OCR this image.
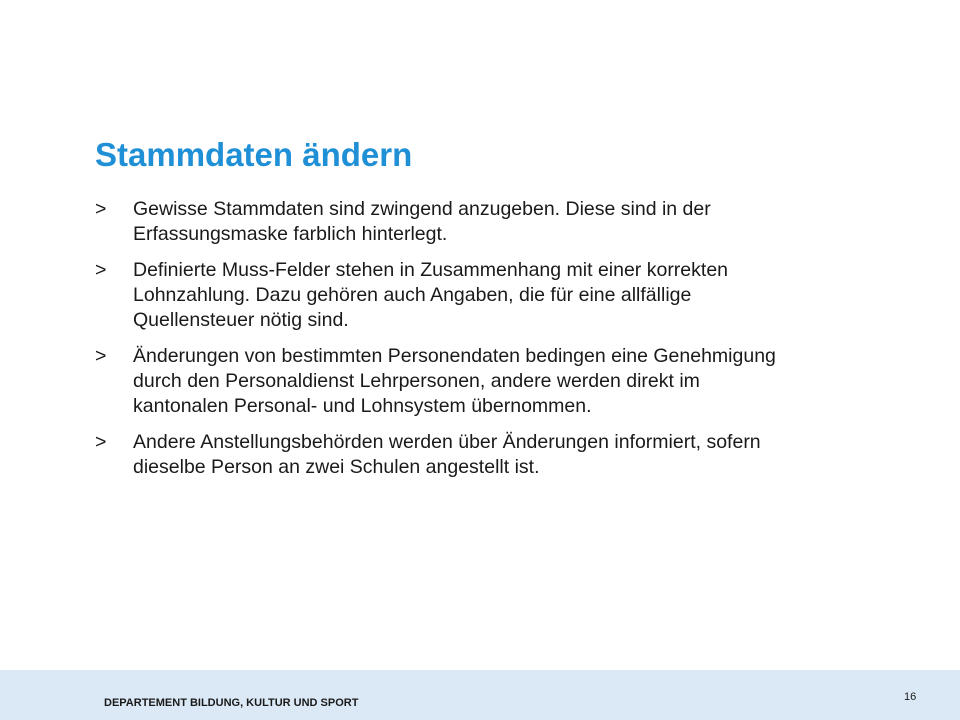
Stammdaten ändern
> Gewisse Stammdaten sind zwingend anzugeben. Diese sind in der
Erfassungsmaske farblich hinterlegt.
> Definierte Muss-Felder stehen in Zusammenhang mit einer korrekten
Lohnzahlung. Dazu gehören auch Angaben, die für eine allfällige
Quellensteuer nötig sind.
> Änderungen von bestimmten Personendaten bedingen eine Genehmigung
durch den Personaldienst Lehrpersonen, andere werden direkt im
kantonalen Personal- und Lohnsystem übernommen.
> Andere Anstellungsbehörden werden über Änderungen informiert, sofern
dieselbe Person an zwei Schulen angestellt ist.
DEPARTEMENT BILDUNG, KULTUR UND SPORT	16
